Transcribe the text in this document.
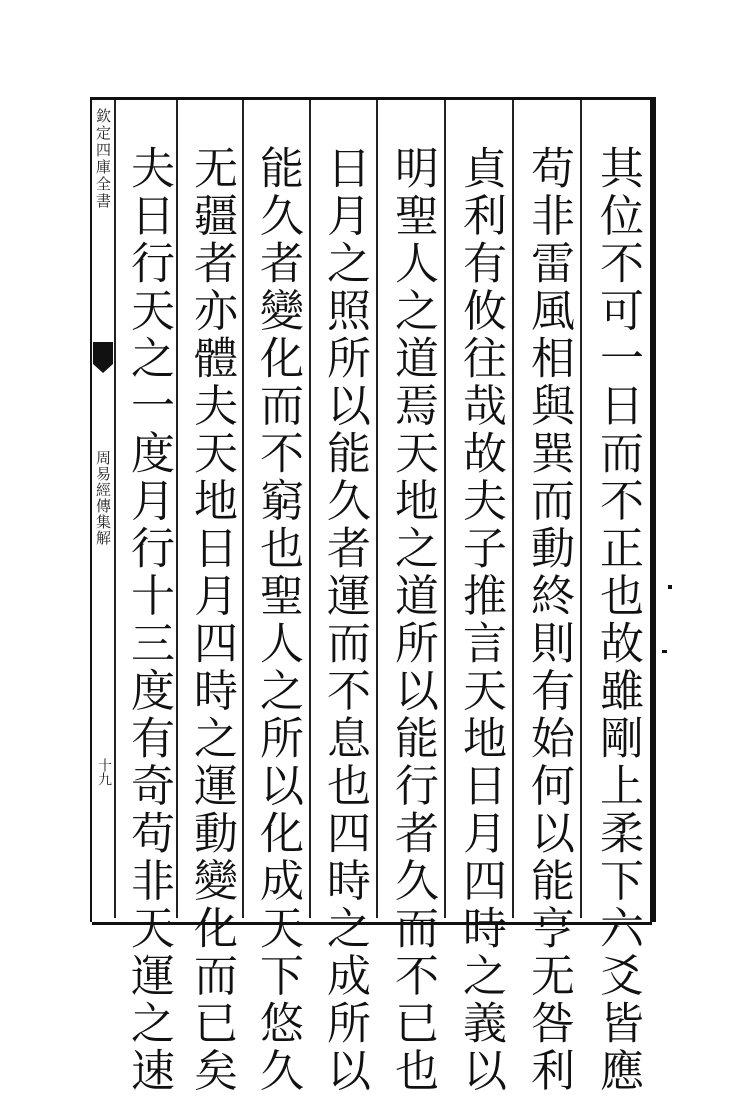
欽定四庫全書
周易經傳集解
十九	其位不可一日而不正也故雖剛上柔下六爻皆應
苟非雷風相與巽而動終則有始何以能亨无咎利
貞利有攸往哉故夫子推言天地日月四時之義以
明聖人之道焉天地之道所以能行者久而不已也
日月之照所以能久者運而不息也四時之成所以
能久者變化而不窮也聖人之所以化成天下悠久
无疆者亦體夫天地日月四時之運動變化而已矣
夫日行天之一度月行十三度有奇苟非天運之速
